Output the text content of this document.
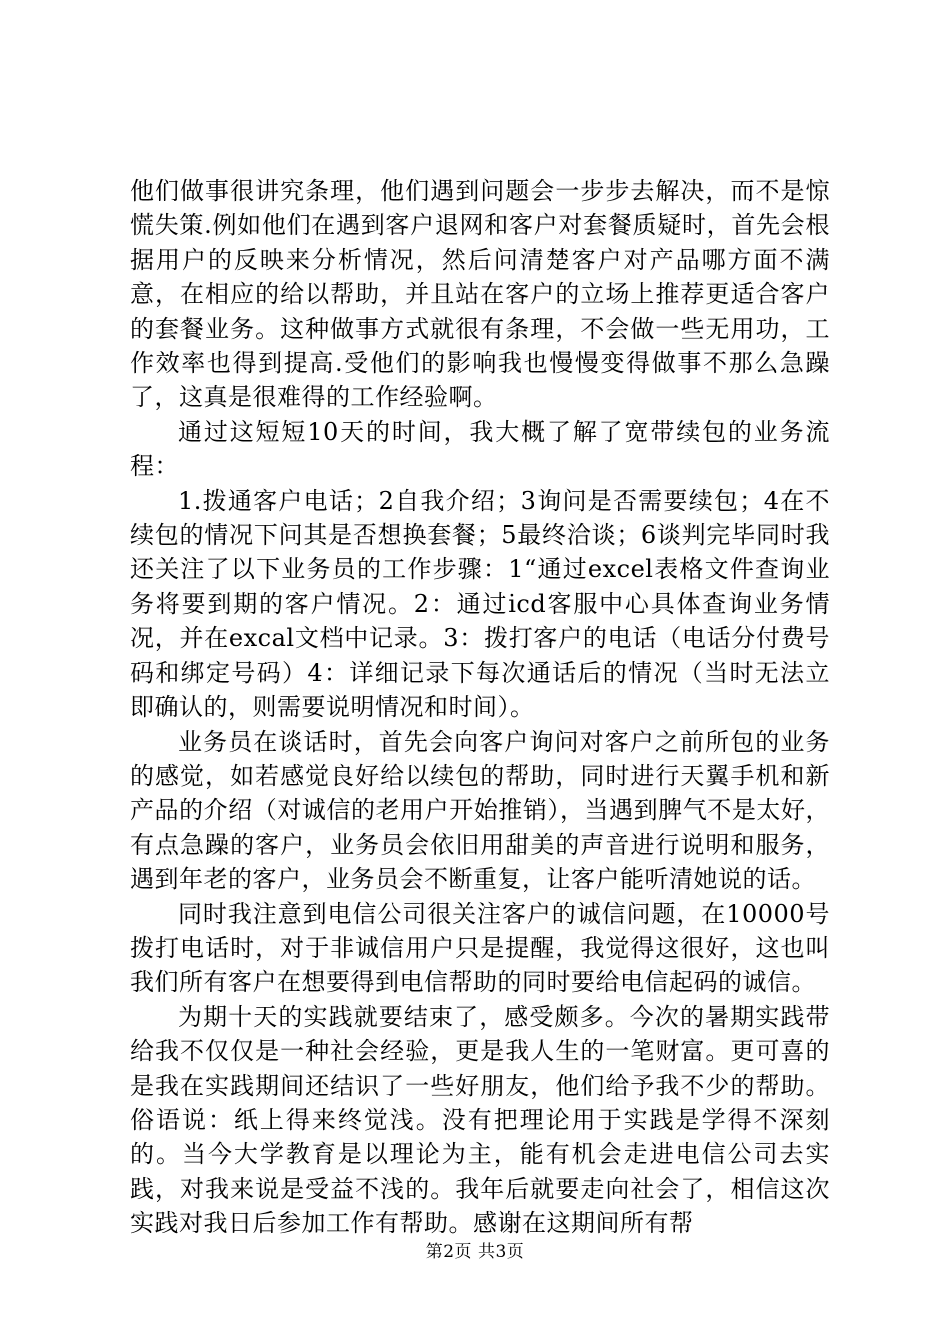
他们做事很讲究条理，他们遇到问题会一步步去解决，而不是惊慌失策.例如他们在遇到客户退网和客户对套餐质疑时，首先会根据用户的反映来分析情况，然后问清楚客户对产品哪方面不满意，在相应的给以帮助，并且站在客户的立场上推荐更适合客户的套餐业务。这种做事方式就很有条理，不会做一些无用功，工作效率也得到提高.受他们的影响我也慢慢变得做事不那么急躁了，这真是很难得的工作经验啊。

通过这短短10天的时间，我大概了解了宽带续包的业务流程：

1.拨通客户电话；2自我介绍；3询问是否需要续包；4在不续包的情况下问其是否想换套餐；5最终洽谈；6谈判完毕同时我还关注了以下业务员的工作步骤：1“通过excel表格文件查询业务将要到期的客户情况。2：通过icd客服中心具体查询业务情况，并在excal文档中记录。3：拨打客户的电话（电话分付费号码和绑定号码）4：详细记录下每次通话后的情况（当时无法立即确认的，则需要说明情况和时间）。

业务员在谈话时，首先会向客户询问对客户之前所包的业务的感觉，如若感觉良好给以续包的帮助，同时进行天翼手机和新产品的介绍（对诚信的老用户开始推销），当遇到脾气不是太好，有点急躁的客户，业务员会依旧用甜美的声音进行说明和服务，遇到年老的客户，业务员会不断重复，让客户能听清她说的话。

同时我注意到电信公司很关注客户的诚信问题，在10000号拨打电话时，对于非诚信用户只是提醒，我觉得这很好，这也叫我们所有客户在想要得到电信帮助的同时要给电信起码的诚信。

为期十天的实践就要结束了，感受颇多。今次的暑期实践带给我不仅仅是一种社会经验，更是我人生的一笔财富。更可喜的是我在实践期间还结识了一些好朋友，他们给予我不少的帮助。俗语说：纸上得来终觉浅。没有把理论用于实践是学得不深刻的。当今大学教育是以理论为主，能有机会走进电信公司去实践，对我来说是受益不浅的。我年后就要走向社会了，相信这次实践对我日后参加工作有帮助。感谢在这期间所有帮

第2页 共3页
